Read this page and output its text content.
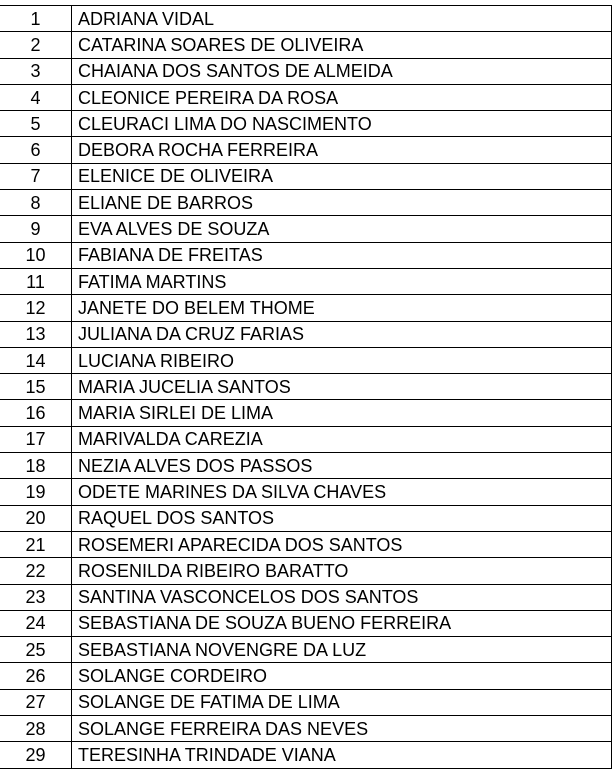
1	ADRIANA VIDAL
2	CATARINA SOARES DE OLIVEIRA
3	CHAIANA DOS SANTOS DE ALMEIDA
4	CLEONICE PEREIRA DA ROSA
5	CLEURACI LIMA DO NASCIMENTO
6	DEBORA ROCHA FERREIRA
7	ELENICE DE OLIVEIRA
8	ELIANE DE BARROS
9	EVA ALVES DE SOUZA
10	FABIANA DE FREITAS
11	FATIMA MARTINS
12	JANETE DO BELEM THOME
13	JULIANA DA CRUZ FARIAS
14	LUCIANA RIBEIRO
15	MARIA JUCELIA SANTOS
16	MARIA SIRLEI DE LIMA
17	MARIVALDA CAREZIA
18	NEZIA ALVES DOS PASSOS
19	ODETE MARINES DA SILVA CHAVES
20	RAQUEL DOS SANTOS
21	ROSEMERI APARECIDA DOS SANTOS
22	ROSENILDA RIBEIRO BARATTO
23	SANTINA VASCONCELOS DOS SANTOS
24	SEBASTIANA DE SOUZA BUENO FERREIRA
25	SEBASTIANA NOVENGRE DA LUZ
26	SOLANGE CORDEIRO
27	SOLANGE DE FATIMA DE LIMA
28	SOLANGE FERREIRA DAS NEVES
29	TERESINHA TRINDADE VIANA
